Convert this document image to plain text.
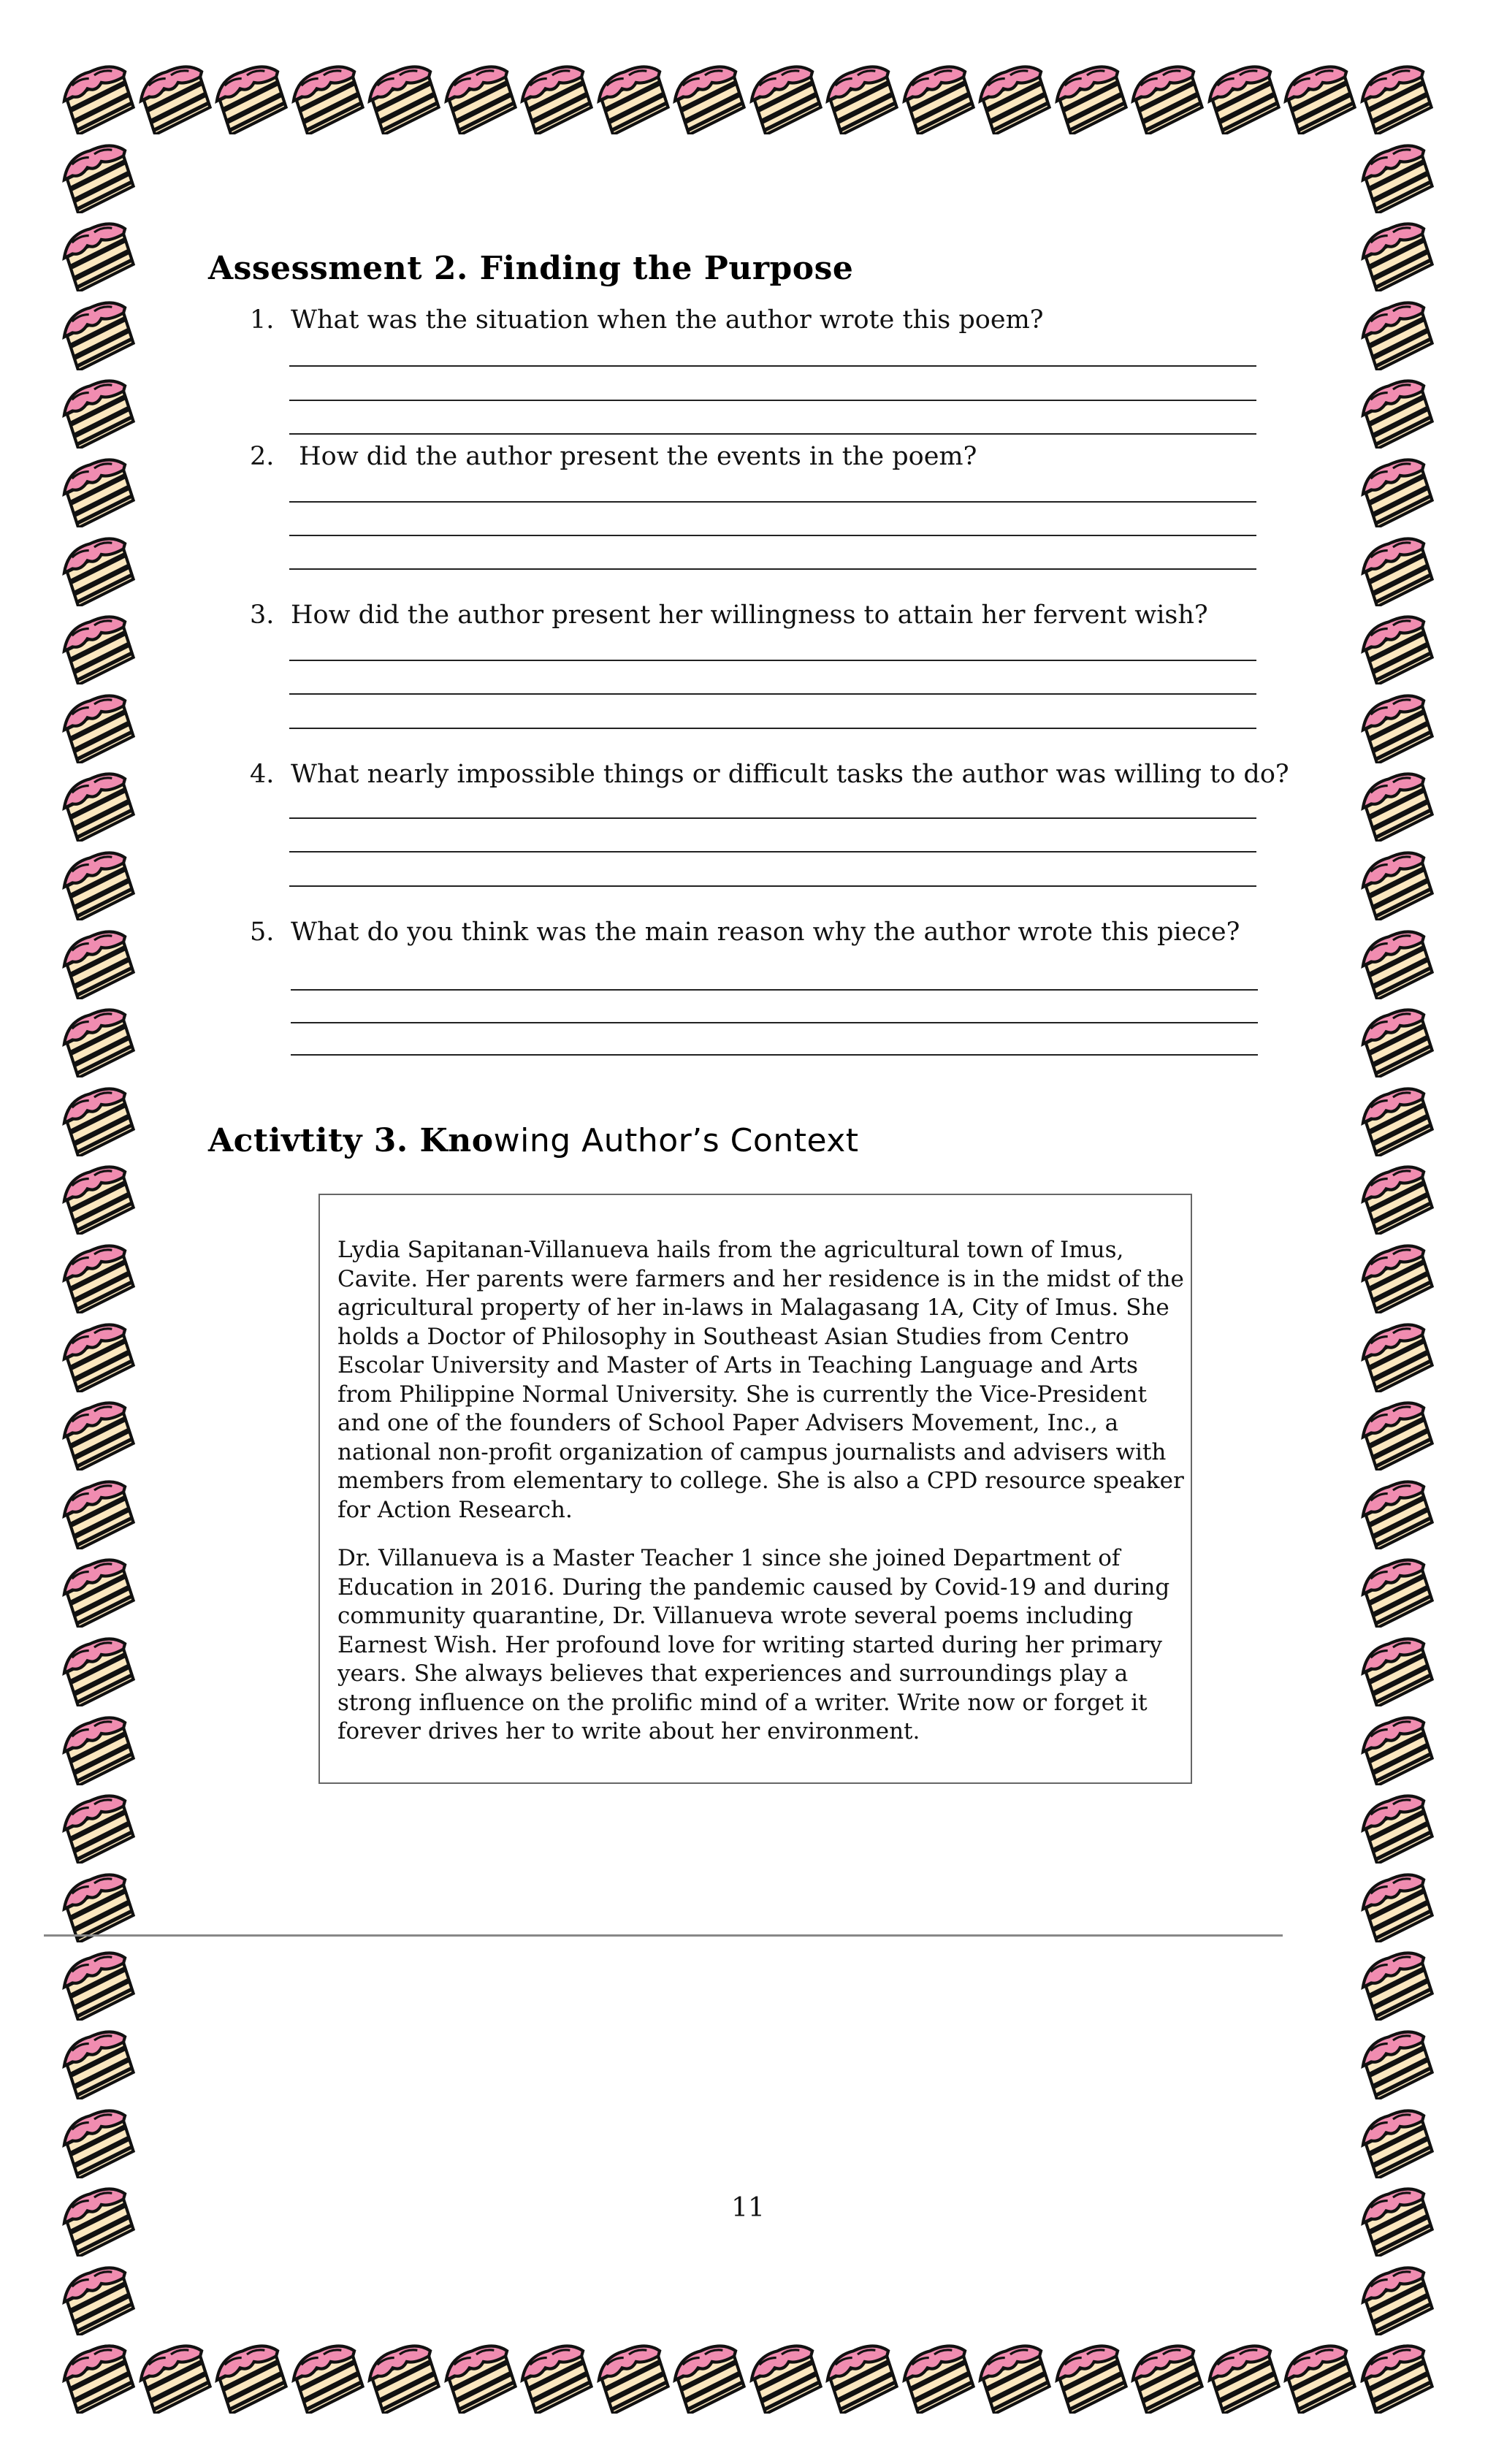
Assessment 2. Finding the Purpose
1. What was the situation when the author wrote this poem?
2. How did the author present the events in the poem?
3. How did the author present her willingness to attain her fervent wish?
4. What nearly impossible things or difficult tasks the author was willing to do?
5. What do you think was the main reason why the author wrote this piece?
Activtity 3. Knowing Author’s Context
Lydia Sapitanan-Villanueva hails from the agricultural town of Imus, Cavite. Her parents were farmers and her residence is in the midst of the agricultural property of her in-laws in Malagasang 1A, City of Imus. She holds a Doctor of Philosophy in Southeast Asian Studies from Centro Escolar University and Master of Arts in Teaching Language and Arts from Philippine Normal University. She is currently the Vice-President and one of the founders of School Paper Advisers Movement, Inc., a national non-profit organization of campus journalists and advisers with members from elementary to college. She is also a CPD resource speaker for Action Research.
Dr. Villanueva is a Master Teacher 1 since she joined Department of Education in 2016. During the pandemic caused by Covid-19 and during community quarantine, Dr. Villanueva wrote several poems including Earnest Wish. Her profound love for writing started during her primary years. She always believes that experiences and surroundings play a strong influence on the prolific mind of a writer. Write now or forget it forever drives her to write about her environment.
11
